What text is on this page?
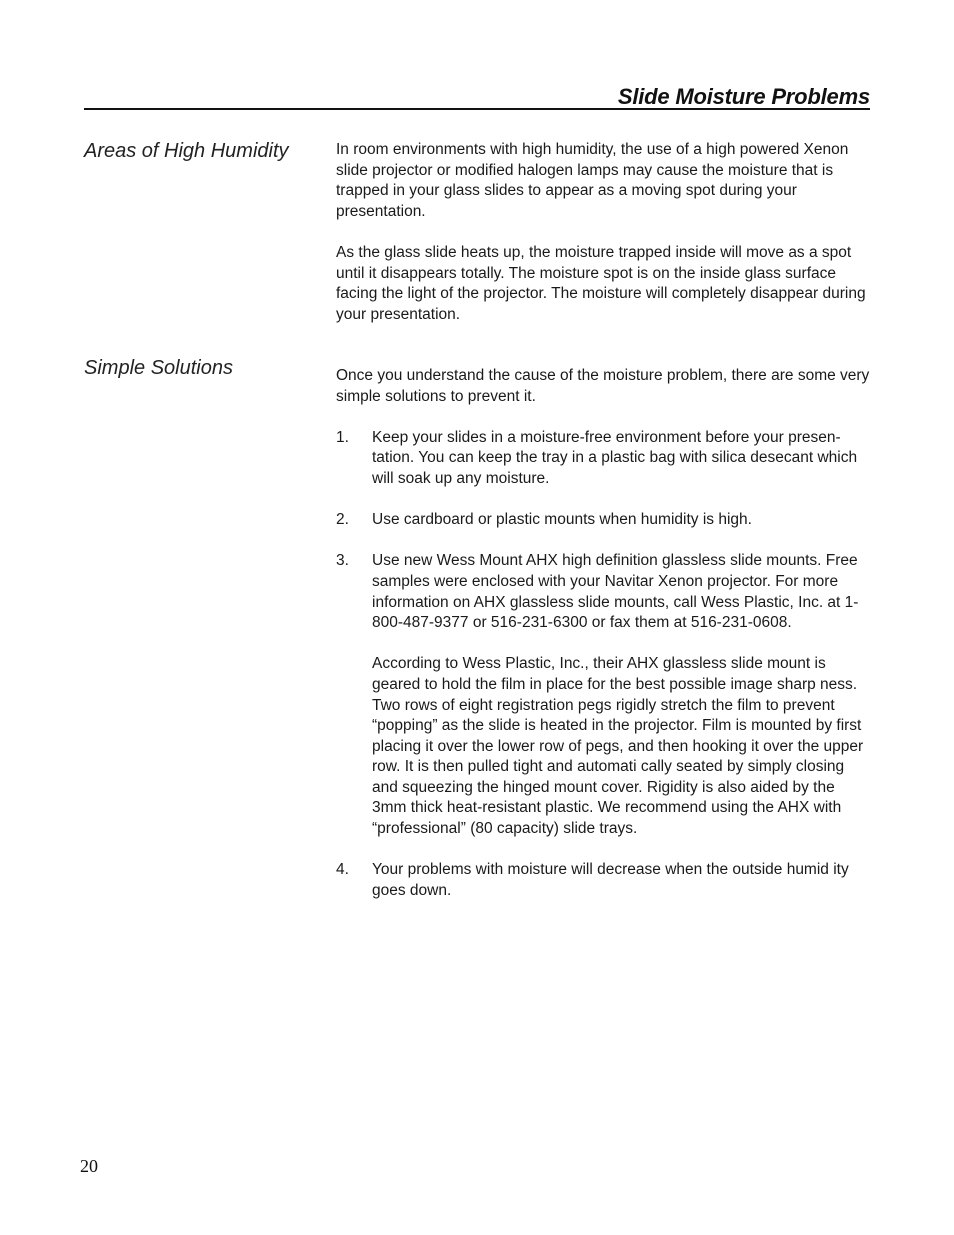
Slide Moisture Problems
Areas of High Humidity	In room environments with high humidity, the use of a high powered Xenon slide projector or modified halogen lamps may cause the moisture that is trapped in your glass slides to appear as a moving spot during your presentation.

As the glass slide heats up, the moisture trapped inside will move as a spot until it disappears totally. The moisture spot is on the inside glass surface facing the light of the projector. The moisture will completely disappear during your presentation.

Simple Solutions	Once you understand the cause of the moisture problem, there are some very simple solutions to prevent it.

1. Keep your slides in a moisture-free environment before your presen-tation. You can keep the tray in a plastic bag with silica desecant which will soak up any moisture.

2. Use cardboard or plastic mounts when humidity is high.

3. Use new Wess Mount AHX high definition glassless slide mounts. Free samples were enclosed with your Navitar Xenon projector. For more information on AHX glassless slide mounts, call Wess Plastic, Inc. at 1-800-487-9377 or 516-231-6300 or fax them at 516-231-0608.

According to Wess Plastic, Inc., their AHX glassless slide mount is geared to hold the film in place for the best possible image sharp ness. Two rows of eight registration pegs rigidly stretch the film to prevent “popping” as the slide is heated in the projector. Film is mounted by first placing it over the lower row of pegs, and then hooking it over the upper row. It is then pulled tight and automati cally seated by simply closing and squeezing the hinged mount cover. Rigidity is also aided by the 3mm thick heat-resistant plastic. We recommend using the AHX with “professional” (80 capacity) slide trays.

4. Your problems with moisture will decrease when the outside humid ity goes down.

20
